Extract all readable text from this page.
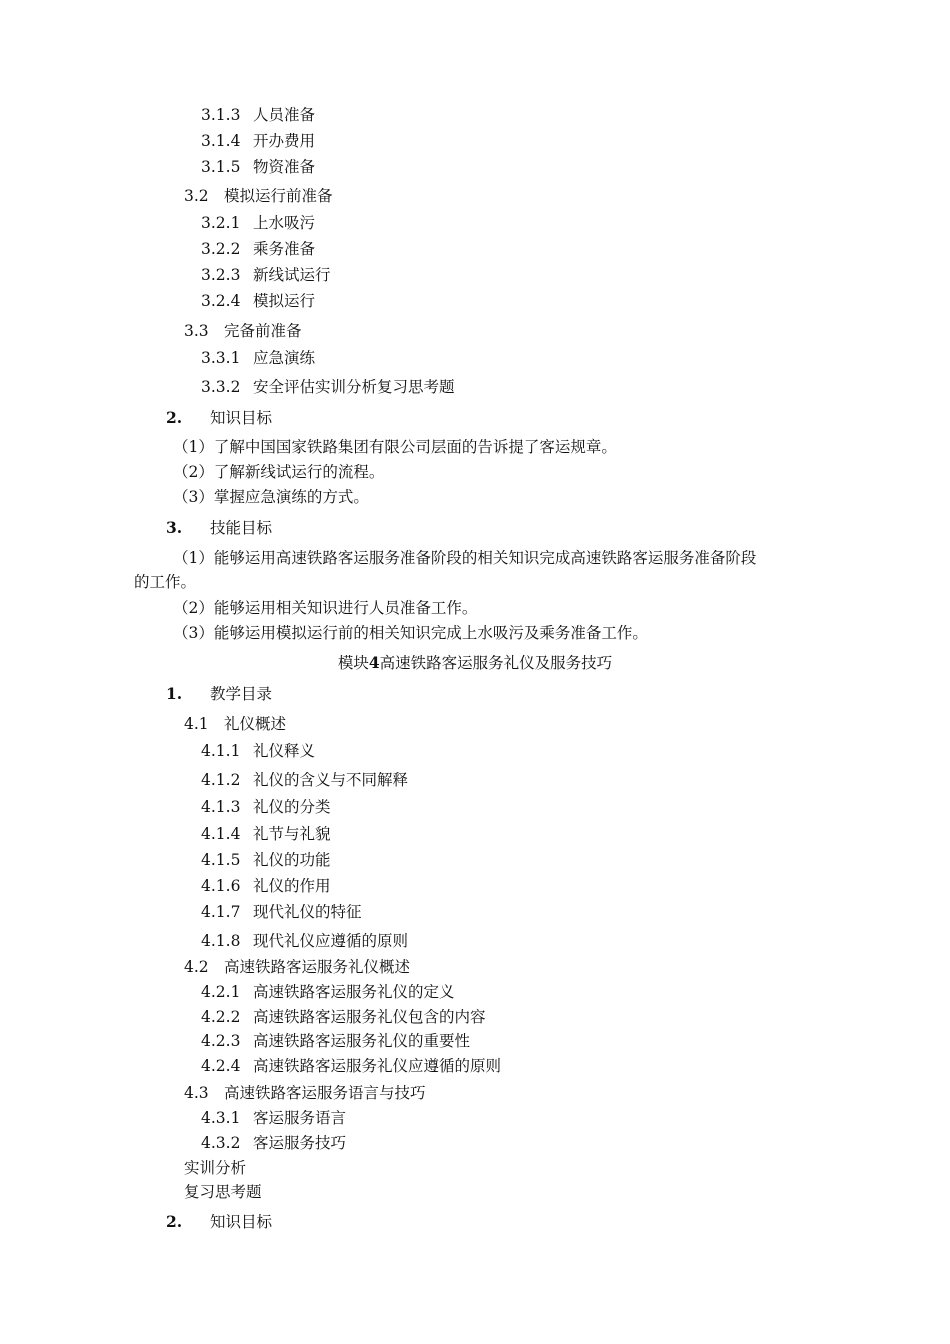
3.1.3 人员准备
3.1.4 开办费用
3.1.5 物资准备
3.2 模拟运行前准备
3.2.1 上水吸污
3.2.2 乘务准备
3.2.3 新线试运行
3.2.4 模拟运行
3.3 完备前准备
3.3.1 应急演练
3.3.2 安全评估实训分析复习思考题
2. 知识目标
（1）了解中国国家铁路集团有限公司层面的告诉提了客运规章。
（2）了解新线试运行的流程。
（3）掌握应急演练的方式。
3. 技能目标
（1）能够运用高速铁路客运服务准备阶段的相关知识完成高速铁路客运服务准备阶段
的工作。
（2）能够运用相关知识进行人员准备工作。
（3）能够运用模拟运行前的相关知识完成上水吸污及乘务准备工作。
模块4高速铁路客运服务礼仪及服务技巧
1. 教学目录
4.1 礼仪概述
4.1.1 礼仪释义
4.1.2 礼仪的含义与不同解释
4.1.3 礼仪的分类
4.1.4 礼节与礼貌
4.1.5 礼仪的功能
4.1.6 礼仪的作用
4.1.7 现代礼仪的特征
4.1.8 现代礼仪应遵循的原则
4.2 高速铁路客运服务礼仪概述
4.2.1 高速铁路客运服务礼仪的定义
4.2.2 高速铁路客运服务礼仪包含的内容
4.2.3 高速铁路客运服务礼仪的重要性
4.2.4 高速铁路客运服务礼仪应遵循的原则
4.3 高速铁路客运服务语言与技巧
4.3.1 客运服务语言
4.3.2 客运服务技巧
实训分析
复习思考题
2. 知识目标
